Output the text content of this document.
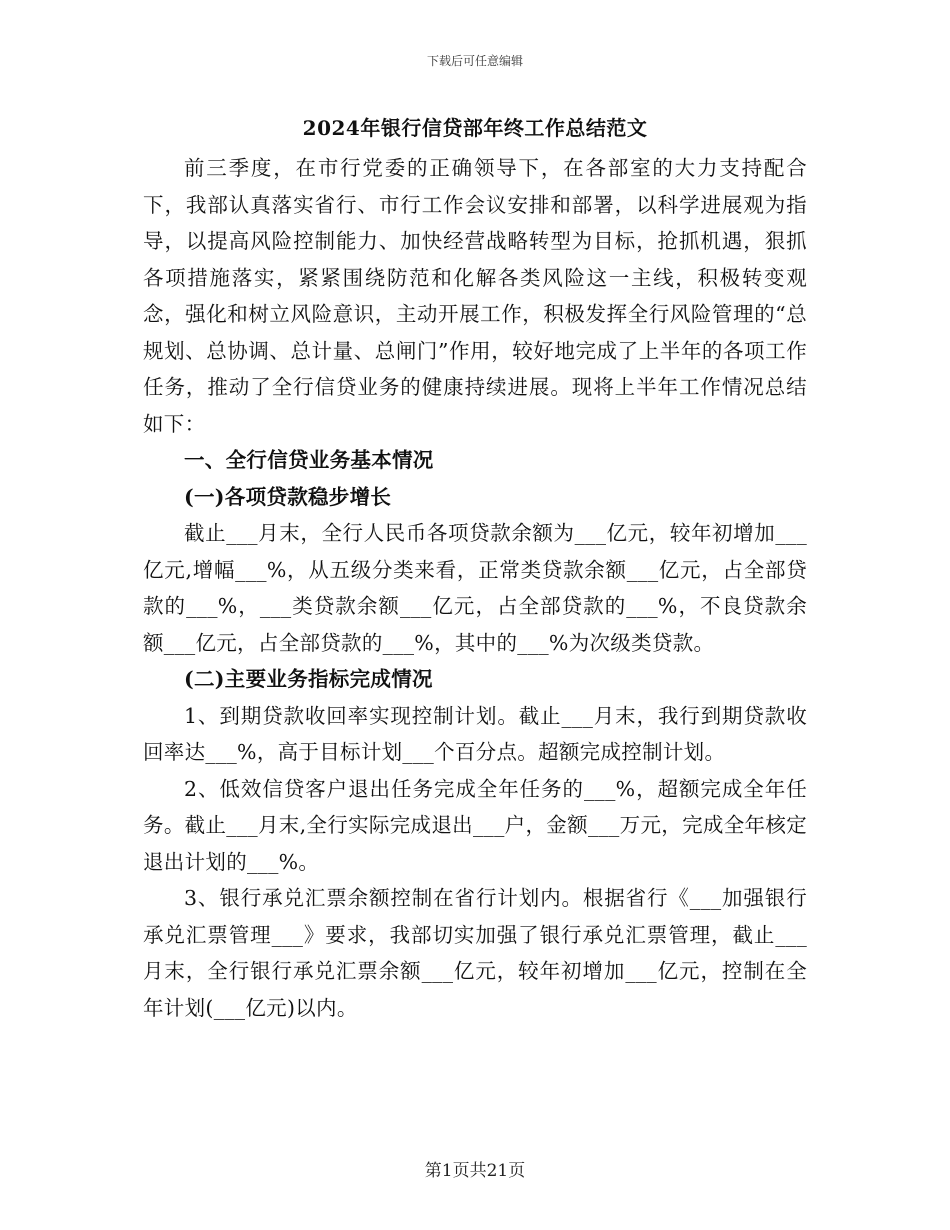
下载后可任意编辑
2024年银行信贷部年终工作总结范文

前三季度，在市行党委的正确领导下，在各部室的大力支持配合下，我部认真落实省行、市行工作会议安排和部署，以科学进展观为指导，以提高风险控制能力、加快经营战略转型为目标，抢抓机遇，狠抓各项措施落实，紧紧围绕防范和化解各类风险这一主线，积极转变观念，强化和树立风险意识，主动开展工作，积极发挥全行风险管理的“总规划、总协调、总计量、总闸门”作用，较好地完成了上半年的各项工作任务，推动了全行信贷业务的健康持续进展。现将上半年工作情况总结如下：

一、全行信贷业务基本情况

(一)各项贷款稳步增长

截止___月末，全行人民币各项贷款余额为___亿元，较年初增加___亿元,增幅___%，从五级分类来看，正常类贷款余额___亿元，占全部贷款的___%，___类贷款余额___亿元，占全部贷款的___%，不良贷款余额___亿元，占全部贷款的___%，其中的___%为次级类贷款。

(二)主要业务指标完成情况

1、到期贷款收回率实现控制计划。截止___月末，我行到期贷款收回率达___%，高于目标计划___个百分点。超额完成控制计划。

2、低效信贷客户退出任务完成全年任务的___%，超额完成全年任务。截止___月末,全行实际完成退出___户，金额___万元，完成全年核定退出计划的___%。

3、银行承兑汇票余额控制在省行计划内。根据省行《___加强银行承兑汇票管理___》要求，我部切实加强了银行承兑汇票管理，截止___月末，全行银行承兑汇票余额___亿元，较年初增加___亿元，控制在全年计划(___亿元)以内。

第1页共21页
